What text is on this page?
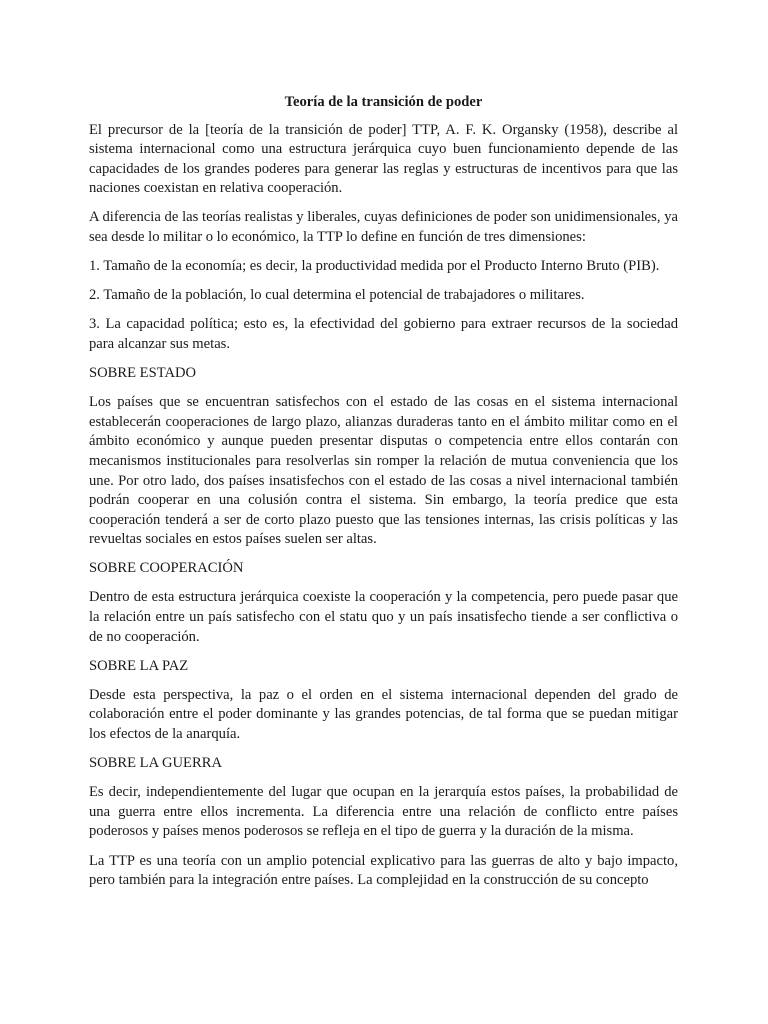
Teoría de la transición de poder

El precursor de la [teoría de la transición de poder] TTP, A. F. K. Organsky (1958), describe al sistema internacional como una estructura jerárquica cuyo buen funcionamiento depende de las capacidades de los grandes poderes para generar las reglas y estructuras de incentivos para que las naciones coexistan en relativa cooperación.

A diferencia de las teorías realistas y liberales, cuyas definiciones de poder son unidimensionales, ya sea desde lo militar o lo económico, la TTP lo define en función de tres dimensiones:

1. Tamaño de la economía; es decir, la productividad medida por el Producto Interno Bruto (PIB).

2. Tamaño de la población, lo cual determina el potencial de trabajadores o militares.

3. La capacidad política; esto es, la efectividad del gobierno para extraer recursos de la sociedad para alcanzar sus metas.

SOBRE ESTADO

Los países que se encuentran satisfechos con el estado de las cosas en el sistema internacional establecerán cooperaciones de largo plazo, alianzas duraderas tanto en el ámbito militar como en el ámbito económico y aunque pueden presentar disputas o competencia entre ellos contarán con mecanismos institucionales para resolverlas sin romper la relación de mutua conveniencia que los une. Por otro lado, dos países insatisfechos con el estado de las cosas a nivel internacional también podrán cooperar en una colusión contra el sistema. Sin embargo, la teoría predice que esta cooperación tenderá a ser de corto plazo puesto que las tensiones internas, las crisis políticas y las revueltas sociales en estos países suelen ser altas.

SOBRE COOPERACIÓN

Dentro de esta estructura jerárquica coexiste la cooperación y la competencia, pero puede pasar que la relación entre un país satisfecho con el statu quo y un país insatisfecho tiende a ser conflictiva o de no cooperación.

SOBRE LA PAZ

Desde esta perspectiva, la paz o el orden en el sistema internacional dependen del grado de colaboración entre el poder dominante y las grandes potencias, de tal forma que se puedan mitigar los efectos de la anarquía.

SOBRE LA GUERRA

Es decir, independientemente del lugar que ocupan en la jerarquía estos países, la probabilidad de una guerra entre ellos incrementa. La diferencia entre una relación de conflicto entre países poderosos y países menos poderosos se refleja en el tipo de guerra y la duración de la misma.

La TTP es una teoría con un amplio potencial explicativo para las guerras de alto y bajo impacto, pero también para la integración entre países. La complejidad en la construcción de su concepto
